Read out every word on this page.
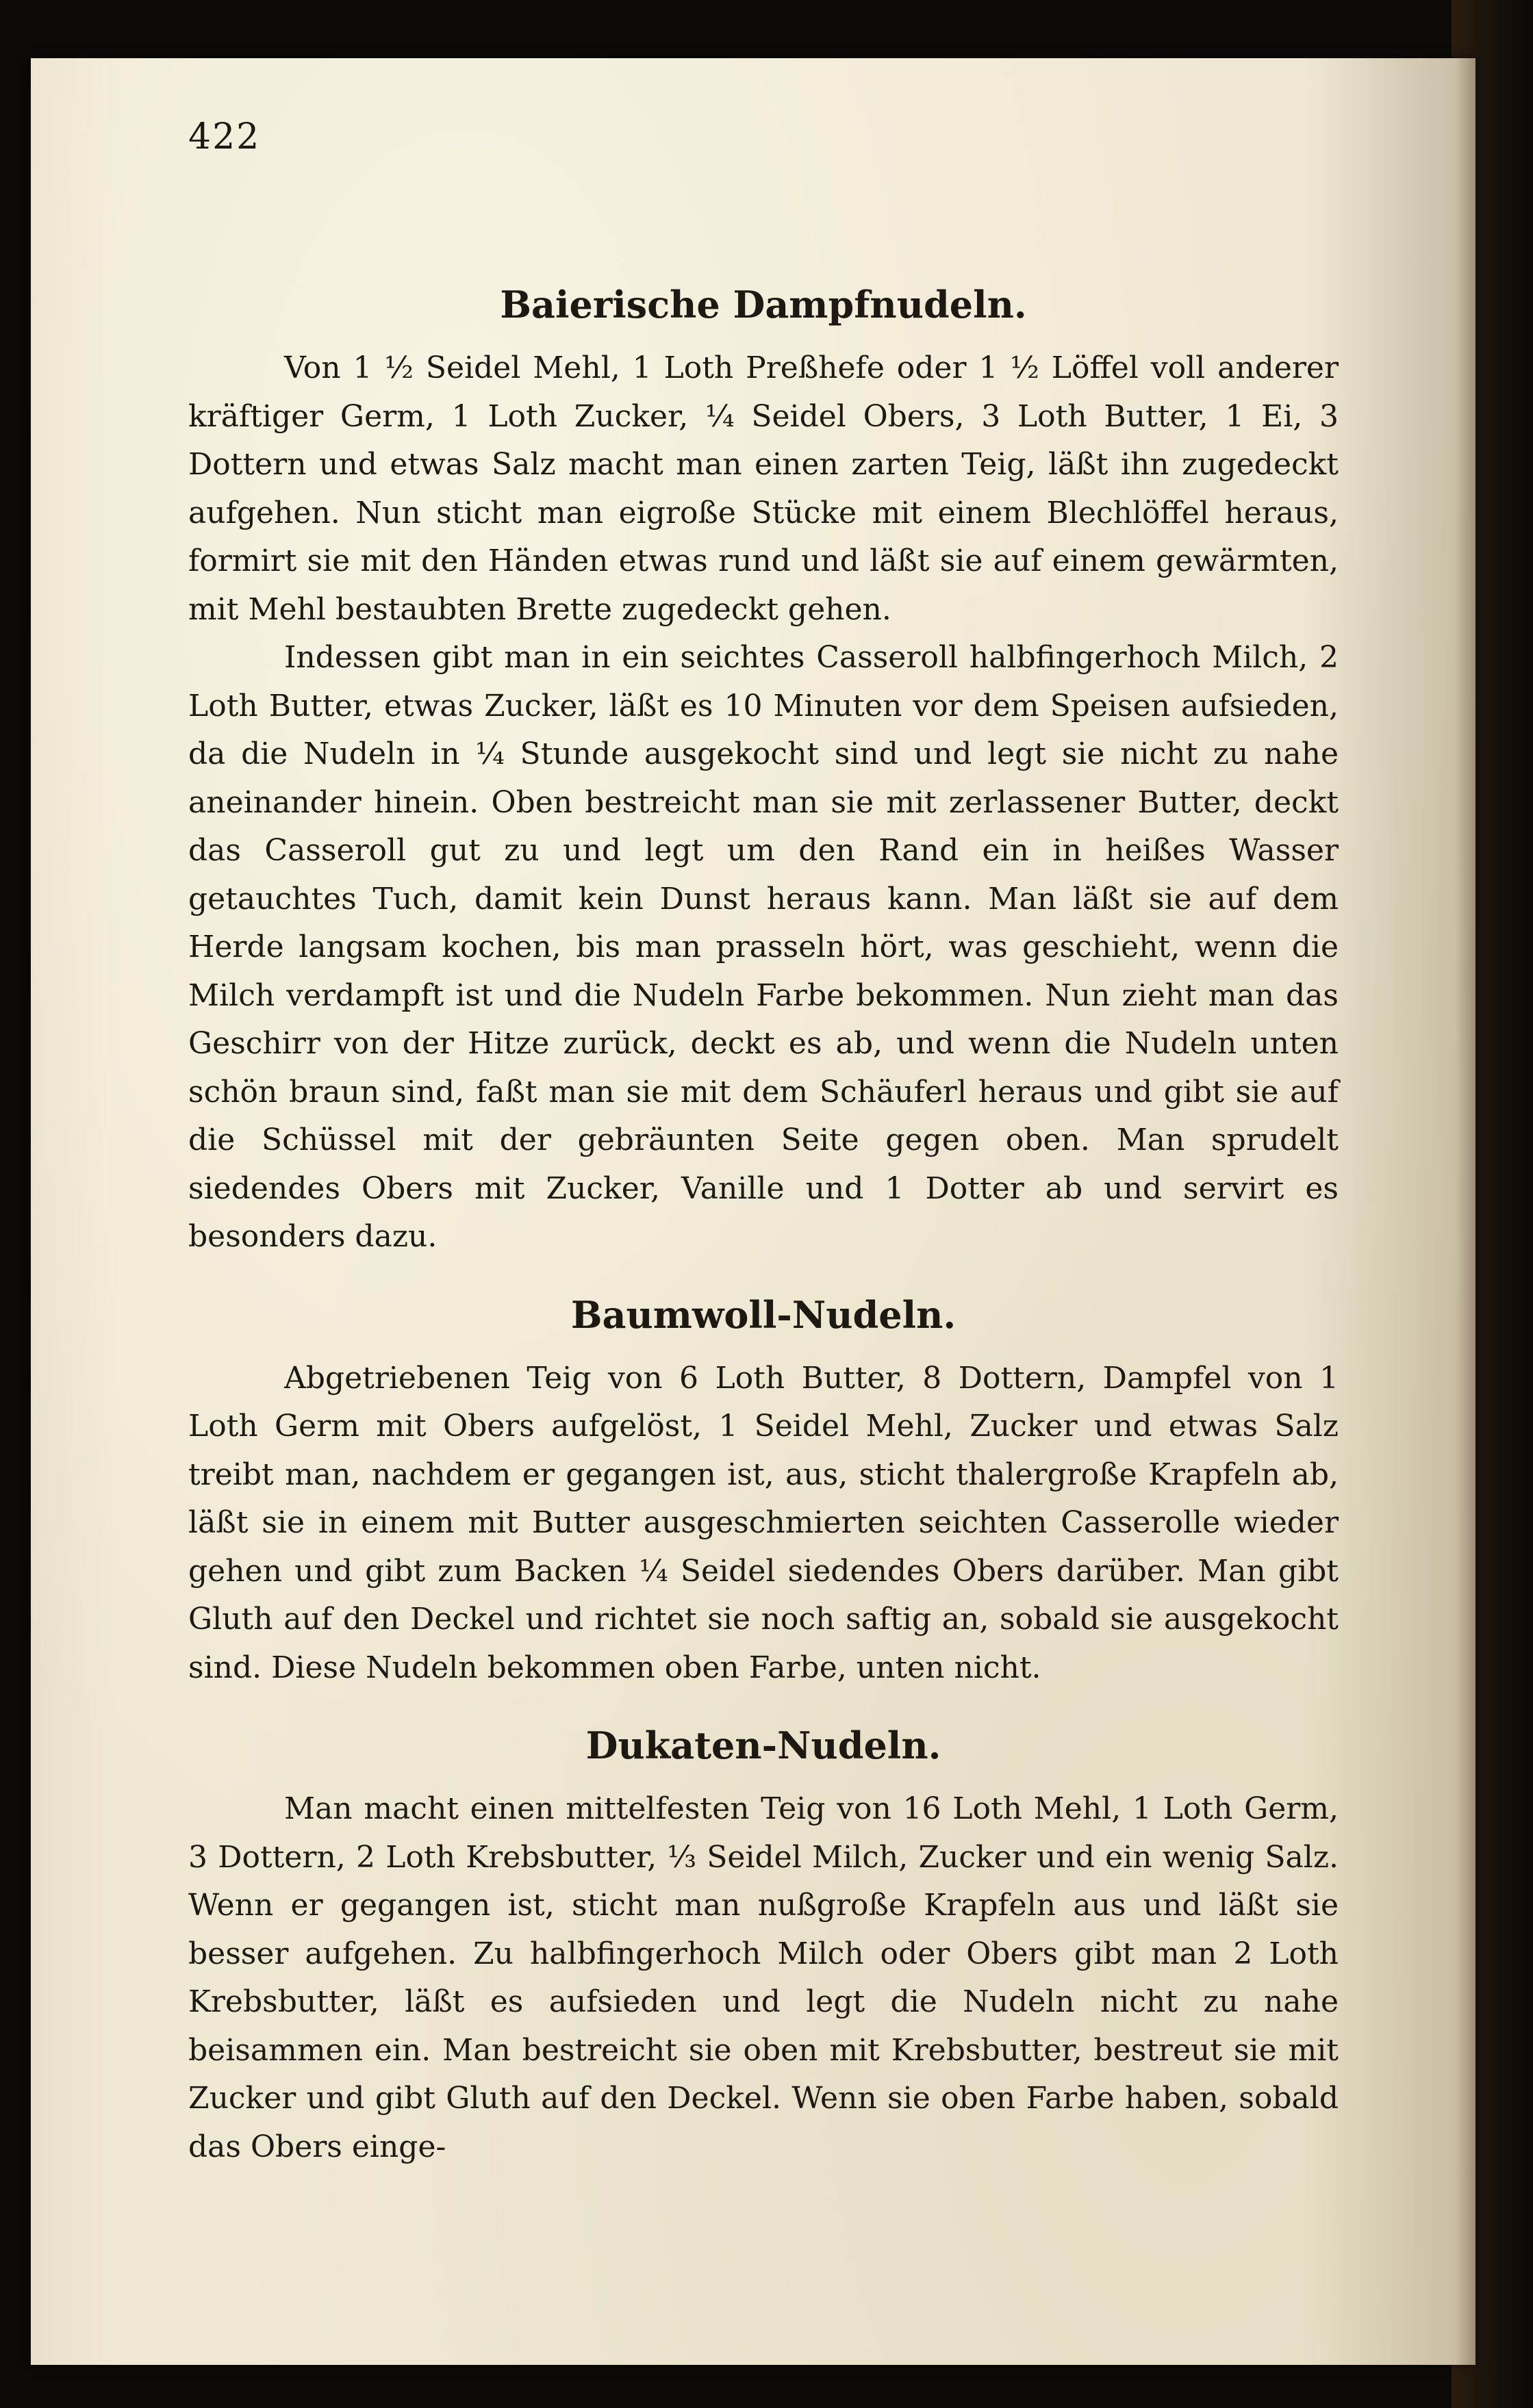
422
Baierische Dampfnudeln.

Von 1 ½ Seidel Mehl, 1 Loth Preßhefe oder 1 ½ Löffel voll anderer kräftiger Germ, 1 Loth Zucker, ¼ Seidel Obers, 3 Loth Butter, 1 Ei, 3 Dottern und etwas Salz macht man einen zarten Teig, läßt ihn zugedeckt aufgehen. Nun sticht man eigroße Stücke mit einem Blechlöffel heraus, formirt sie mit den Händen etwas rund und läßt sie auf einem gewärmten, mit Mehl bestaubten Brette zugedeckt gehen.

Indessen gibt man in ein seichtes Casseroll halbfingerhoch Milch, 2 Loth Butter, etwas Zucker, läßt es 10 Minuten vor dem Speisen aufsieden, da die Nudeln in ¼ Stunde ausgekocht sind und legt sie nicht zu nahe aneinander hinein. Oben bestreicht man sie mit zerlassener Butter, deckt das Casseroll gut zu und legt um den Rand ein in heißes Wasser getauchtes Tuch, damit kein Dunst heraus kann. Man läßt sie auf dem Herde langsam kochen, bis man prasseln hört, was geschieht, wenn die Milch verdampft ist und die Nudeln Farbe bekommen. Nun zieht man das Geschirr von der Hitze zurück, deckt es ab, und wenn die Nudeln unten schön braun sind, faßt man sie mit dem Schäuferl heraus und gibt sie auf die Schüssel mit der gebräunten Seite gegen oben. Man sprudelt siedendes Obers mit Zucker, Vanille und 1 Dotter ab und servirt es besonders dazu.

Baumwoll-Nudeln.

Abgetriebenen Teig von 6 Loth Butter, 8 Dottern, Dampfel von 1 Loth Germ mit Obers aufgelöst, 1 Seidel Mehl, Zucker und etwas Salz treibt man, nachdem er gegangen ist, aus, sticht thalergroße Krapfeln ab, läßt sie in einem mit Butter ausgeschmierten seichten Casserolle wieder gehen und gibt zum Backen ¼ Seidel siedendes Obers darüber. Man gibt Gluth auf den Deckel und richtet sie noch saftig an, sobald sie ausgekocht sind. Diese Nudeln bekommen oben Farbe, unten nicht.

Dukaten-Nudeln.

Man macht einen mittelfesten Teig von 16 Loth Mehl, 1 Loth Germ, 3 Dottern, 2 Loth Krebsbutter, ⅓ Seidel Milch, Zucker und ein wenig Salz. Wenn er gegangen ist, sticht man nußgroße Krapfeln aus und läßt sie besser aufgehen. Zu halbfingerhoch Milch oder Obers gibt man 2 Loth Krebsbutter, läßt es aufsieden und legt die Nudeln nicht zu nahe beisammen ein. Man bestreicht sie oben mit Krebsbutter, bestreut sie mit Zucker und gibt Gluth auf den Deckel. Wenn sie oben Farbe haben, sobald das Obers einge-
